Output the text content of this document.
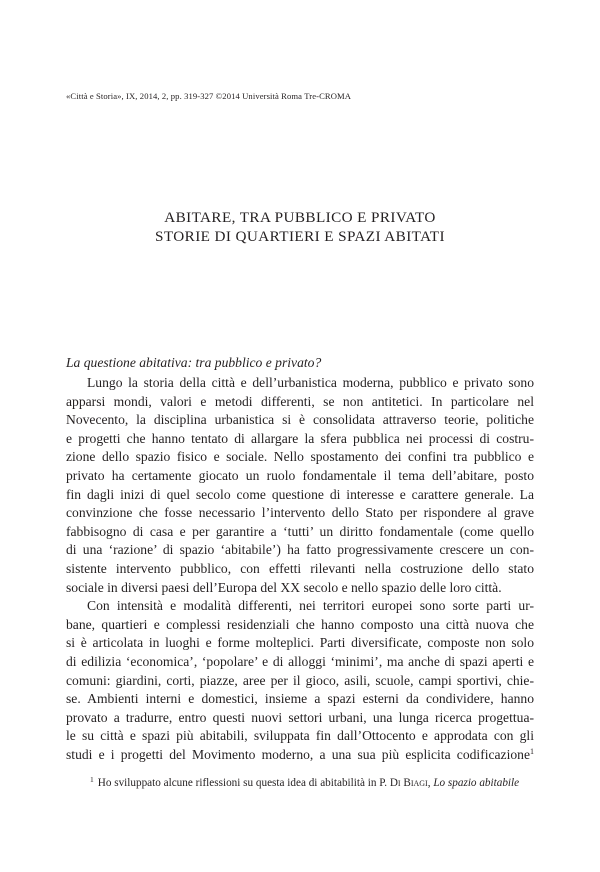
«Città e Storia», IX, 2014, 2, pp. 319-327 ©2014 Università Roma Tre-CROMA
ABITARE, TRA PUBBLICO E PRIVATO
STORIE DI QUARTIERI E SPAZI ABITATI
La questione abitativa: tra pubblico e privato?
Lungo la storia della città e dell’urbanistica moderna, pubblico e privato sono
apparsi mondi, valori e metodi differenti, se non antitetici. In particolare nel
Novecento, la disciplina urbanistica si è consolidata attraverso teorie, politiche
e progetti che hanno tentato di allargare la sfera pubblica nei processi di costru-
zione dello spazio fisico e sociale. Nello spostamento dei confini tra pubblico e
privato ha certamente giocato un ruolo fondamentale il tema dell’abitare, posto
fin dagli inizi di quel secolo come questione di interesse e carattere generale. La
convinzione che fosse necessario l’intervento dello Stato per rispondere al grave
fabbisogno di casa e per garantire a ‘tutti’ un diritto fondamentale (come quello
di una ‘razione’ di spazio ‘abitabile’) ha fatto progressivamente crescere un con-
sistente intervento pubblico, con effetti rilevanti nella costruzione dello stato
sociale in diversi paesi dell’Europa del XX secolo e nello spazio delle loro città.
Con intensità e modalità differenti, nei territori europei sono sorte parti ur-
bane, quartieri e complessi residenziali che hanno composto una città nuova che
si è articolata in luoghi e forme molteplici. Parti diversificate, composte non solo
di edilizia ‘economica’, ‘popolare’ e di alloggi ‘minimi’, ma anche di spazi aperti e
comuni: giardini, corti, piazze, aree per il gioco, asili, scuole, campi sportivi, chie-
se. Ambienti interni e domestici, insieme a spazi esterni da condividere, hanno
provato a tradurre, entro questi nuovi settori urbani, una lunga ricerca progettua-
le su città e spazi più abitabili, sviluppata fin dall’Ottocento e approdata con gli
studi e i progetti del Movimento moderno, a una sua più esplicita codificazione$^1$
$^1$ Ho sviluppato alcune riflessioni su questa idea di abitabilità in P. Di Biagi, Lo spazio abitabile
